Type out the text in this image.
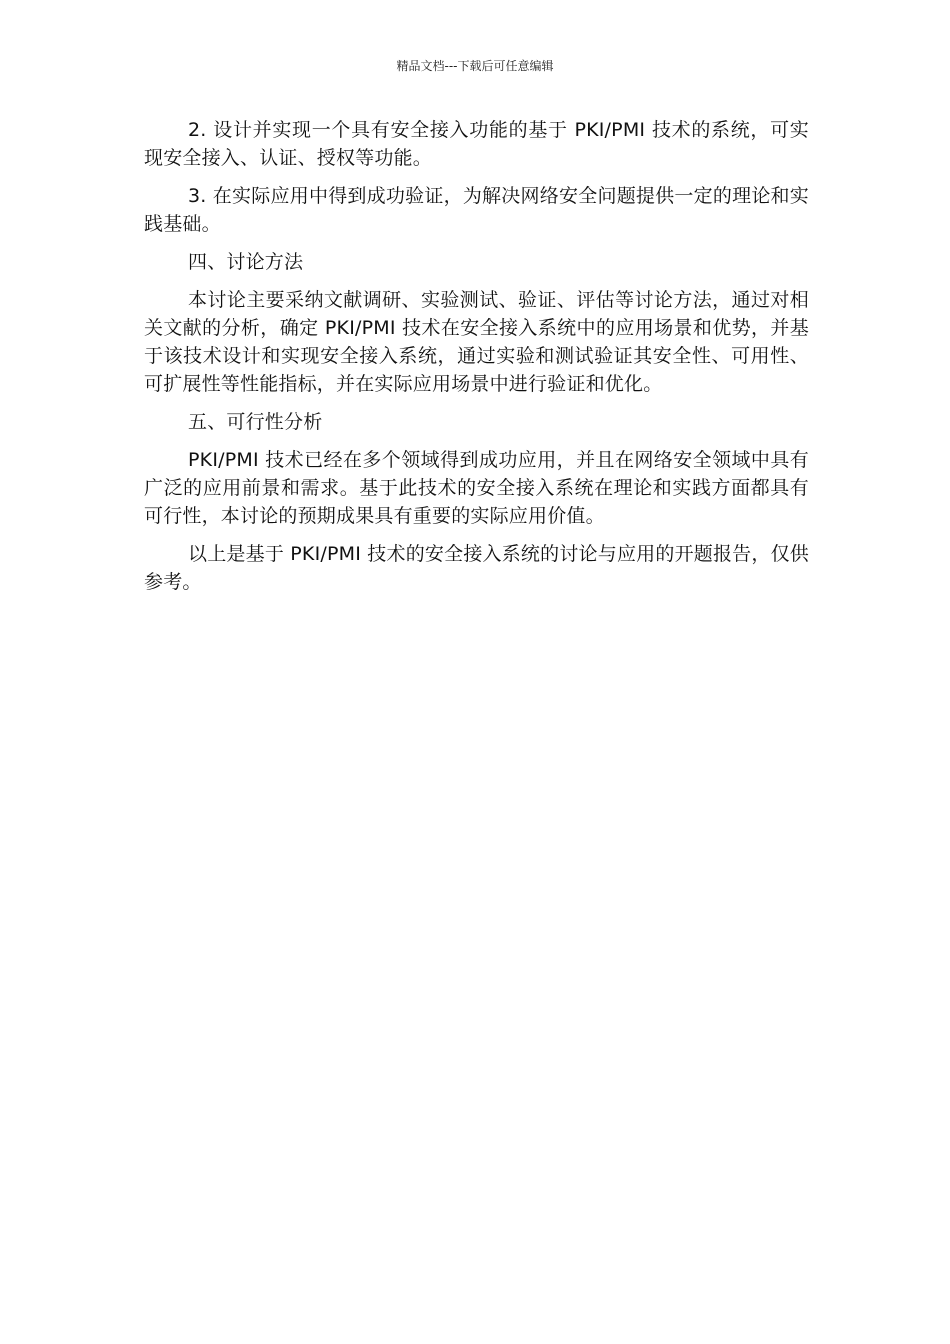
精品文档---下载后可任意编辑

2. 设计并实现一个具有安全接入功能的基于 PKI/PMI 技术的系统，可实现安全接入、认证、授权等功能。

3. 在实际应用中得到成功验证，为解决网络安全问题提供一定的理论和实践基础。

四、讨论方法

本讨论主要采纳文献调研、实验测试、验证、评估等讨论方法，通过对相关文献的分析，确定 PKI/PMI 技术在安全接入系统中的应用场景和优势，并基于该技术设计和实现安全接入系统，通过实验和测试验证其安全性、可用性、可扩展性等性能指标，并在实际应用场景中进行验证和优化。

五、可行性分析

PKI/PMI 技术已经在多个领域得到成功应用，并且在网络安全领域中具有广泛的应用前景和需求。基于此技术的安全接入系统在理论和实践方面都具有可行性，本讨论的预期成果具有重要的实际应用价值。

以上是基于 PKI/PMI 技术的安全接入系统的讨论与应用的开题报告，仅供参考。
